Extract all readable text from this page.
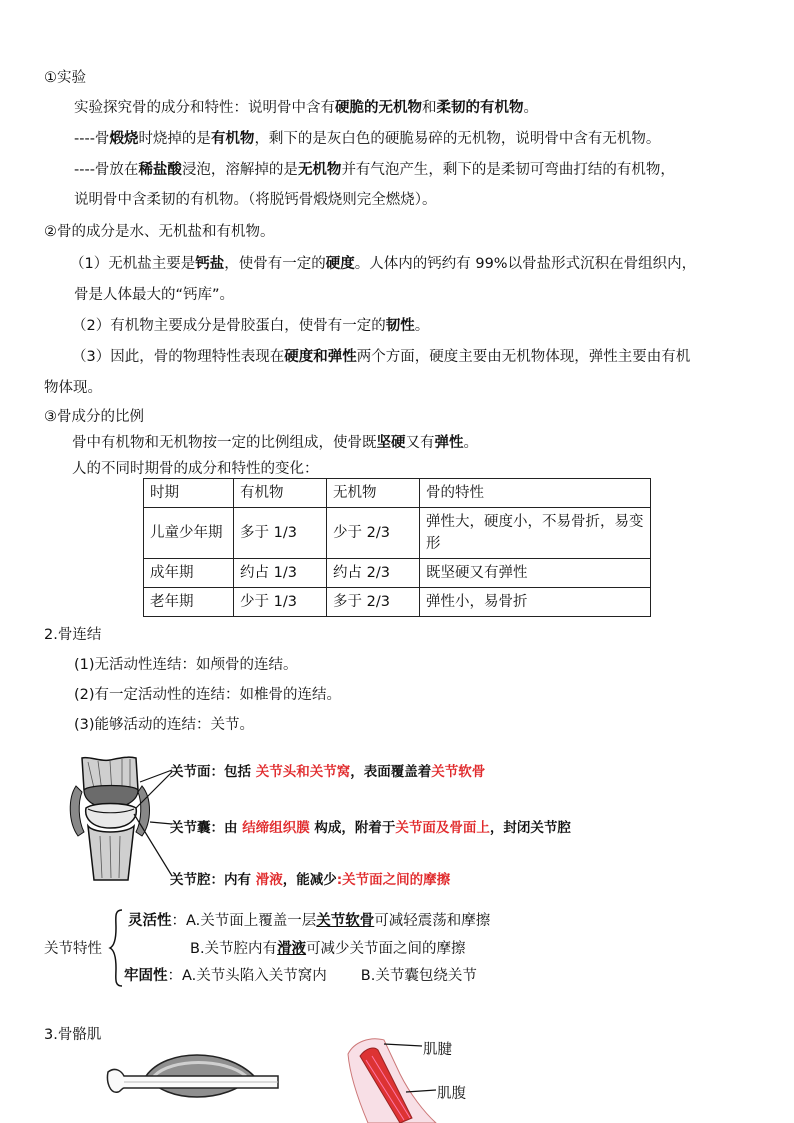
①实验
实验探究骨的成分和特性：说明骨中含有硬脆的无机物和柔韧的有机物。
----骨煅烧时烧掉的是有机物，剩下的是灰白色的硬脆易碎的无机物，说明骨中含有无机物。
----骨放在稀盐酸浸泡，溶解掉的是无机物并有气泡产生，剩下的是柔韧可弯曲打结的有机物，
说明骨中含柔韧的有机物。（将脱钙骨煅烧则完全燃烧）。
②骨的成分是水、无机盐和有机物。
（1）无机盐主要是钙盐，使骨有一定的硬度。人体内的钙约有 99%以骨盐形式沉积在骨组织内，
骨是人体最大的“钙库”。
（2）有机物主要成分是骨胶蛋白，使骨有一定的韧性。
（3）因此，骨的物理特性表现在硬度和弹性两个方面，硬度主要由无机物体现，弹性主要由有机
物体现。
③骨成分的比例
骨中有机物和无机物按一定的比例组成，使骨既坚硬又有弹性。
人的不同时期骨的成分和特性的变化：
时期	有机物	无机物	骨的特性
儿童少年期	多于 1/3	少于 2/3	弹性大，硬度小，不易骨折，易变形
成年期	约占 1/3	约占 2/3	既坚硬又有弹性
老年期	少于 1/3	多于 2/3	弹性小，易骨折
2.骨连结
(1)无活动性连结：如颅骨的连结。
(2)有一定活动性的连结：如椎骨的连结。
(3)能够活动的连结：关节。
关节面：包括 关节头和关节窝，表面覆盖着关节软骨
关节囊：由 结缔组织膜 构成，附着于关节面及骨面上，封闭关节腔
关节腔：内有 滑液，能减少:关节面之间的摩擦
关节特性
灵活性：A.关节面上覆盖一层关节软骨可减轻震荡和摩擦
B.关节腔内有滑液可减少关节面之间的摩擦
牢固性：A.关节头陷入关节窝内 B.关节囊包绕关节
3.骨骼肌
肌腱
肌腹
